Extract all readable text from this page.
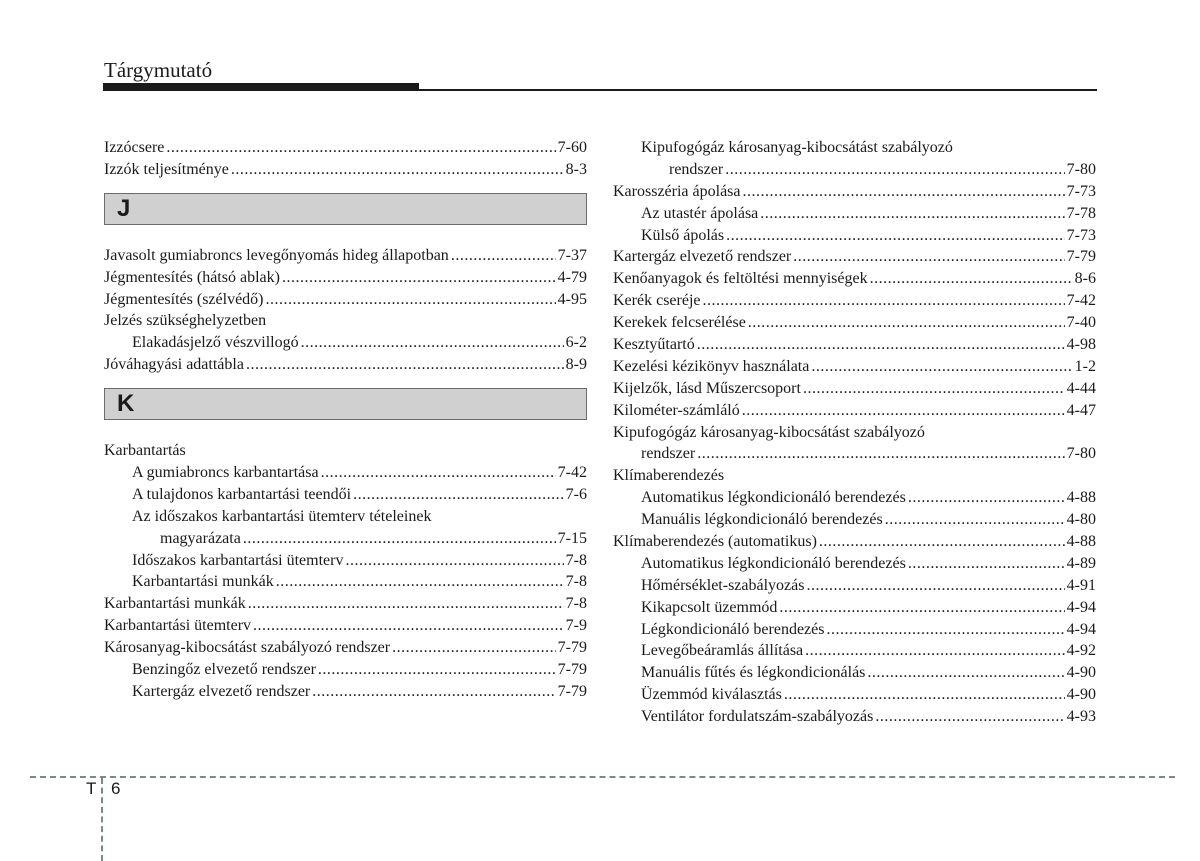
Tárgymutató
Izzócsere .....	7-60
Izzók teljesítménye .....	8-3
J
Javasolt gumiabroncs levegőnyomás hideg állapotban .....	7-37
Jégmentesítés (hátsó ablak) .....	4-79
Jégmentesítés (szélvédő) .....	4-95
Jelzés szükséghelyzetben
Elakadásjelző vészvillogó .....	6-2
Jóváhagyási adattábla .....	8-9
K
Karbantartás
A gumiabroncs karbantartása .....	7-42
A tulajdonos karbantartási teendői .....	7-6
Az időszakos karbantartási ütemterv tételeinek
magyarázata .....	7-15
Időszakos karbantartási ütemterv .....	7-8
Karbantartási munkák .....	7-8
Karbantartási munkák .....	7-8
Karbantartási ütemterv .....	7-9
Károsanyag-kibocsátást szabályozó rendszer .....	7-79
Benzingőz elvezető rendszer .....	7-79
Kartergáz elvezető rendszer .....	7-79
Kipufogógáz károsanyag-kibocsátást szabályozó
rendszer .....	7-80
Karosszéria ápolása .....	7-73
Az utastér ápolása .....	7-78
Külső ápolás .....	7-73
Kartergáz elvezető rendszer .....	7-79
Kenőanyagok és feltöltési mennyiségek .....	8-6
Kerék cseréje .....	7-42
Kerekek felcserélése .....	7-40
Kesztyűtartó .....	4-98
Kezelési kézikönyv használata .....	1-2
Kijelzők, lásd Műszercsoport .....	4-44
Kilométer-számláló .....	4-47
Kipufogógáz károsanyag-kibocsátást szabályozó
rendszer .....	7-80
Klímaberendezés
Automatikus légkondicionáló berendezés .....	4-88
Manuális légkondicionáló berendezés .....	4-80
Klímaberendezés (automatikus) .....	4-88
Automatikus légkondicionáló berendezés .....	4-89
Hőmérséklet-szabályozás .....	4-91
Kikapcsolt üzemmód .....	4-94
Légkondicionáló berendezés .....	4-94
Levegőbeáramlás állítása .....	4-92
Manuális fűtés és légkondicionálás .....	4-90
Üzemmód kiválasztás .....	4-90
Ventilátor fordulatszám-szabályozás .....	4-93
T 6
